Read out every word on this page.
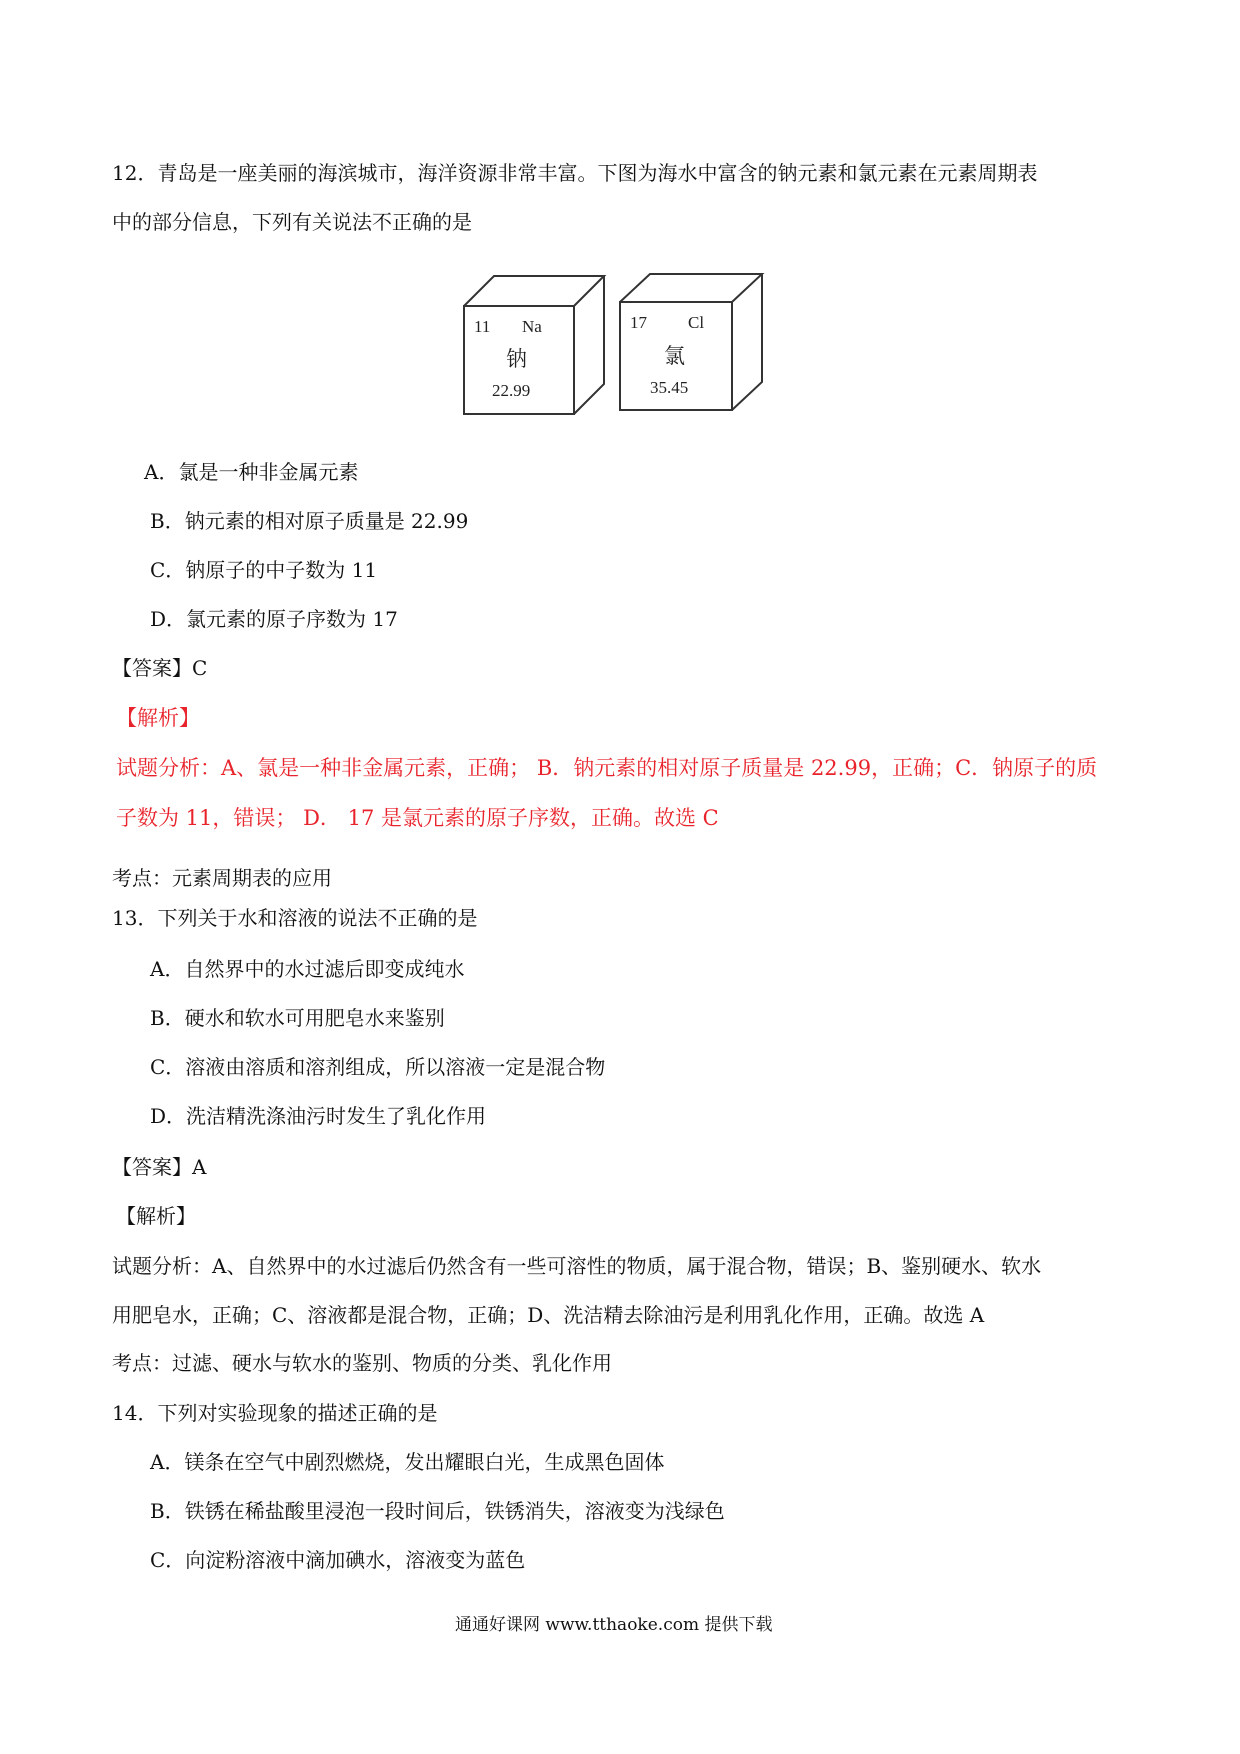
12．青岛是一座美丽的海滨城市，海洋资源非常丰富。下图为海水中富含的钠元素和氯元素在元素周期表
中的部分信息，下列有关说法不正确的是
11 Na
钠
22.99
17 Cl
氯
35.45
A．氯是一种非金属元素
B．钠元素的相对原子质量是 22.99
C．钠原子的中子数为 11
D．氯元素的原子序数为 17
【答案】C
【解析】
试题分析：A、氯是一种非金属元素，正确； B．钠元素的相对原子质量是 22.99，正确；C．钠原子的质
子数为 11，错误； D． 17 是氯元素的原子序数，正确。故选 C
考点：元素周期表的应用
13．下列关于水和溶液的说法不正确的是
A．自然界中的水过滤后即变成纯水
B．硬水和软水可用肥皂水来鉴别
C．溶液由溶质和溶剂组成，所以溶液一定是混合物
D．洗洁精洗涤油污时发生了乳化作用
【答案】A
【解析】
试题分析：A、自然界中的水过滤后仍然含有一些可溶性的物质，属于混合物，错误；B、鉴别硬水、软水
用肥皂水，正确；C、溶液都是混合物，正确；D、洗洁精去除油污是利用乳化作用，正确。故选 A
考点：过滤、硬水与软水的鉴别、物质的分类、乳化作用
14．下列对实验现象的描述正确的是
A．镁条在空气中剧烈燃烧，发出耀眼白光，生成黑色固体
B．铁锈在稀盐酸里浸泡一段时间后，铁锈消失，溶液变为浅绿色
C．向淀粉溶液中滴加碘水，溶液变为蓝色
通通好课网 www.tthaoke.com 提供下载
